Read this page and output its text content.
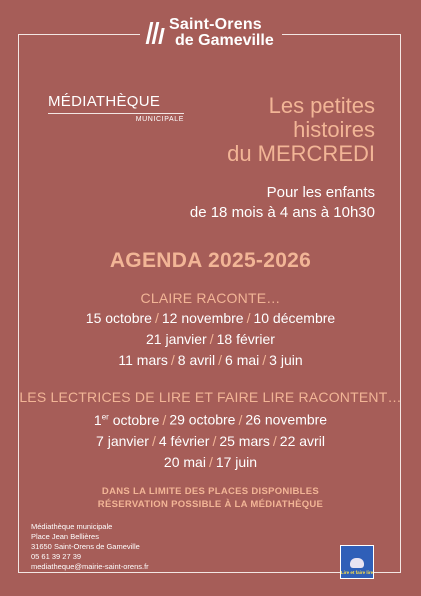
Saint-Orens
de Gameville
MÉDIATHÈQUE
MUNICIPALE
Les petites
histoires
du MERCREDI
Pour les enfants
de 18 mois à 4 ans à 10h30
AGENDA 2025-2026
CLAIRE RACONTE…
15 octobre / 12 novembre / 10 décembre
21 janvier / 18 février
11 mars / 8 avril / 6 mai / 3 juin
LES LECTRICES DE LIRE ET FAIRE LIRE RACONTENT…
1er octobre / 29 octobre / 26 novembre
7 janvier / 4 février / 25 mars / 22 avril
20 mai / 17 juin
DANS LA LIMITE DES PLACES DISPONIBLES
RÉSERVATION POSSIBLE À LA MÉDIATHÈQUE
Médiathèque municipale
Place Jean Bellières
31650 Saint-Orens de Gameville
05 61 39 27 39
mediatheque@mairie-saint-orens.fr
Lire et faire lire
